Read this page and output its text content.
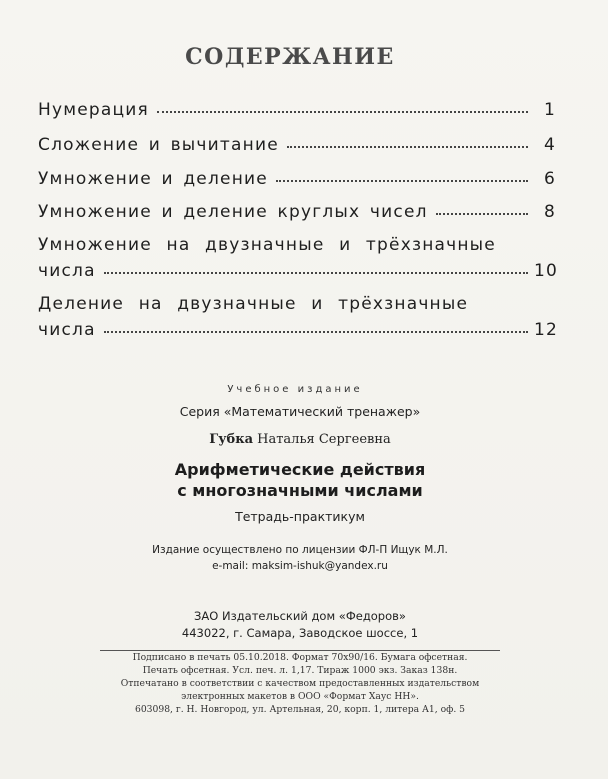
СОДЕРЖАНИЕ
Нумерация	1
Сложение и вычитание	4
Умножение и деление	6
Умножение и деление круглых чисел	8
Умножение на двузначные и трёхзначные
числа	10
Деление на двузначные и трёхзначные
числа	12
Учебное издание
Серия «Математический тренажер»
Губка Наталья Сергеевна
Арифметические действия
с многозначными числами
Тетрадь-практикум
Издание осуществлено по лицензии ФЛ-П Ищук М.Л.
e-mail: maksim-ishuk@yandex.ru
ЗАО Издательский дом «Федоров»
443022, г. Самара, Заводское шоссе, 1
Подписано в печать 05.10.2018. Формат 70х90/16. Бумага офсетная.
Печать офсетная. Усл. печ. л. 1,17. Тираж 1000 экз. Заказ 138н.
Отпечатано в соответствии с качеством предоставленных издательством
электронных макетов в ООО «Формат Хаус НН».
603098, г. Н. Новгород, ул. Артельная, 20, корп. 1, литера А1, оф. 5
